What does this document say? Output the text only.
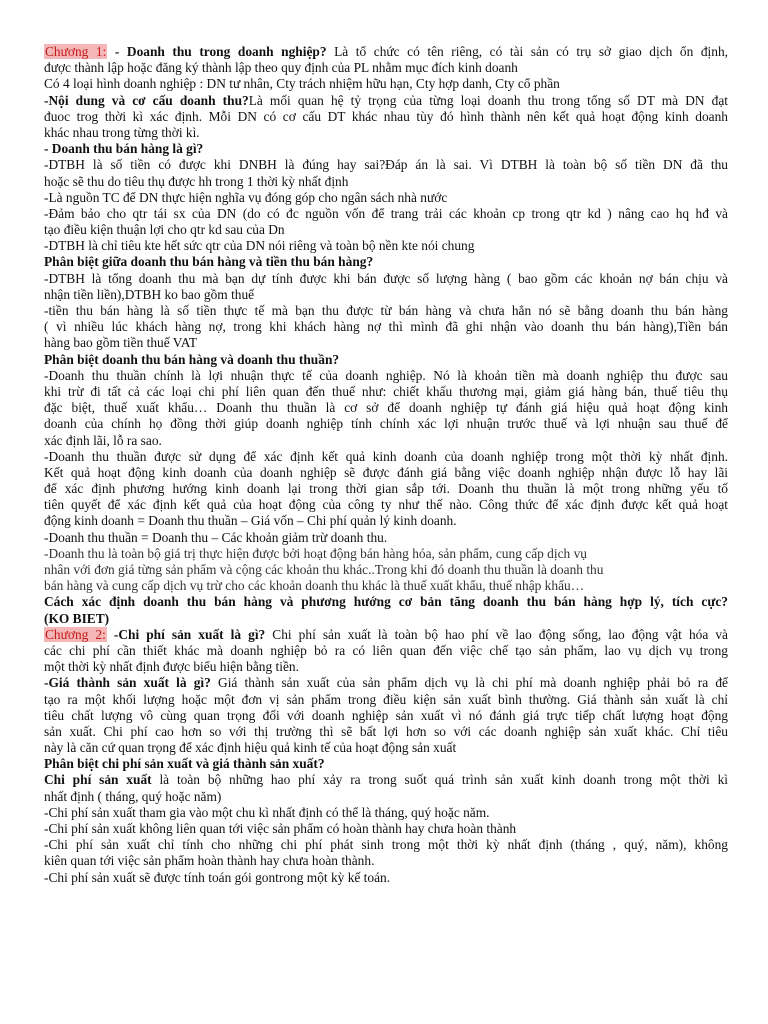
Chương 1: - Doanh thu trong doanh nghiệp? Là tổ chức có tên riêng, có tài sản có trụ sở giao dịch ổn định,
được thành lập hoặc đăng ký thành lập theo quy định của PL nhằm mục đích kinh doanh
Có 4 loại hình doanh nghiệp : DN tư nhân, Cty trách nhiệm hữu hạn, Cty hợp danh, Cty cổ phần
-Nội dung và cơ cấu doanh thu?Là mối quan hệ tỷ trọng của từng loại doanh thu trong tổng số DT mà DN đạt
đuoc trog thời kì xác định. Mỗi DN có cơ cấu DT khác nhau tùy đó hình thành nên kết quả hoạt động kinh doanh
khác nhau trong từng thời kì.
- Doanh thu bán hàng là gì?
-DTBH là số tiền có được khi DNBH là đúng hay sai?Đáp án là sai. Vì DTBH là toàn bộ số tiền DN đã thu
hoặc sẽ thu do tiêu thụ được hh trong 1 thời kỳ nhất định
-Là nguồn TC để DN thực hiện nghĩa vụ đóng góp cho ngân sách nhà nước
-Đảm bảo cho qtr tái sx của DN (do có đc nguồn vốn để trang trải các khoản cp trong qtr kd ) nâng cao hq hđ và
tạo điều kiện thuận lợi cho qtr kd sau của Dn
-DTBH là chỉ tiêu kte hết sức qtr của DN nói riêng và toàn bộ nền kte nói chung
Phân biệt giữa doanh thu bán hàng và tiền thu bán hàng?
-DTBH là tổng doanh thu mà bạn dự tính được khi bán được số lượng hàng ( bao gồm các khoản nợ bán chịu và
nhận tiền liền),DTBH ko bao gồm thuế
-tiền thu bán hàng là số tiền thực tế mà bạn thu được từ bán hàng và chưa hẳn nó sẽ bằng doanh thu bán hàng
( vì nhiều lúc khách hàng nợ, trong khi khách hàng nợ thì mình đã ghi nhận vào doanh thu bán hàng),Tiền bán
hàng bao gồm tiền thuế VAT
Phân biệt doanh thu bán hàng và doanh thu thuần?
-Doanh thu thuần chính là lợi nhuận thực tế của doanh nghiệp. Nó là khoản tiền mà doanh nghiệp thu được sau
khi trừ đi tất cả các loại chi phí liên quan đến thuế như: chiết khấu thương mại, giảm giá hàng bán, thuế tiêu thụ
đặc biệt, thuế xuất khẩu… Doanh thu thuần là cơ sở để doanh nghiệp tự đánh giá hiệu quả hoạt động kinh
doanh của chính họ đồng thời giúp doanh nghiệp tính chính xác lợi nhuận trước thuế và lợi nhuận sau thuế để
xác định lãi, lỗ ra sao.
-Doanh thu thuần được sử dụng để xác định kết quả kinh doanh của doanh nghiệp trong một thời kỳ nhất định.
Kết quả hoạt động kinh doanh của doanh nghiệp sẽ được đánh giá bằng việc doanh nghiệp nhận được lỗ hay lãi
để xác định phương hướng kinh doanh lại trong thời gian sắp tới. Doanh thu thuần là một trong những yếu tố
tiên quyết để xác định kết quả của hoạt động của công ty như thế nào. Công thức để xác định được kết quả hoạt
động kinh doanh = Doanh thu thuần – Giá vốn – Chi phí quản lý kinh doanh.
-Doanh thu thuần = Doanh thu – Các khoản giảm trừ doanh thu.
-Doanh thu là toàn bộ giá trị thực hiện được bởi hoạt động bán hàng hóa, sản phẩm, cung cấp dịch vụ
nhân với đơn giá từng sản phẩm và cộng các khoản thu khác..Trong khi đó doanh thu thuần là doanh thu
bán hàng và cung cấp dịch vụ trừ cho các khoản doanh thu khác là thuế xuất khẩu, thuế nhập khẩu…
Cách xác định doanh thu bán hàng và phương hướng cơ bản tăng doanh thu bán hàng hợp lý, tích cực?
(KO BIET)
Chương 2: -Chi phí sản xuất là gì? Chi phí sản xuất là toàn bộ hao phí về lao động sống, lao động vật hóa và
các chi phí cần thiết khác mà doanh nghiệp bỏ ra có liên quan đến việc chế tạo sản phẩm, lao vụ dịch vụ trong
một thời kỳ nhất định được biểu hiện bằng tiền.
-Giá thành sản xuất là gì? Giá thành sản xuất của sản phẩm dịch vụ là chi phí mà doanh nghiệp phải bỏ ra để
tạo ra một khối lượng hoặc một đơn vị sản phẩm trong điều kiện sản xuất bình thường. Giá thành sản xuất là chỉ
tiêu chất lượng vô cùng quan trọng đối với doanh nghiệp sản xuất vì nó đánh giá trực tiếp chất lượng hoạt động
sản xuất. Chi phí cao hơn so với thị trường thì sẽ bất lợi hơn so với các doanh nghiệp sản xuất khác. Chỉ tiêu
này là căn cứ quan trọng để xác định hiệu quả kinh tế của hoạt động sản xuất
Phân biệt chi phí sản xuất và giá thành sản xuất?
Chi phí sản xuất là toàn bộ những hao phí xảy ra trong suốt quá trình sản xuất kinh doanh trong một thời kì
nhất định ( tháng, quý hoặc năm)
-Chi phí sản xuất tham gia vào một chu kì nhất định có thể là tháng, quý hoặc năm.
-Chi phí sản xuất không liên quan tới việc sản phẩm có hoàn thành hay chưa hoàn thành
-Chi phí sản xuất chỉ tính cho những chi phí phát sinh trong một thời kỳ nhất định (tháng , quý, năm), không
kiên quan tới việc sản phẩm hoàn thành hay chưa hoàn thành.
-Chi phí sản xuất sẽ được tính toán gói gontrong một kỳ kế toán.
